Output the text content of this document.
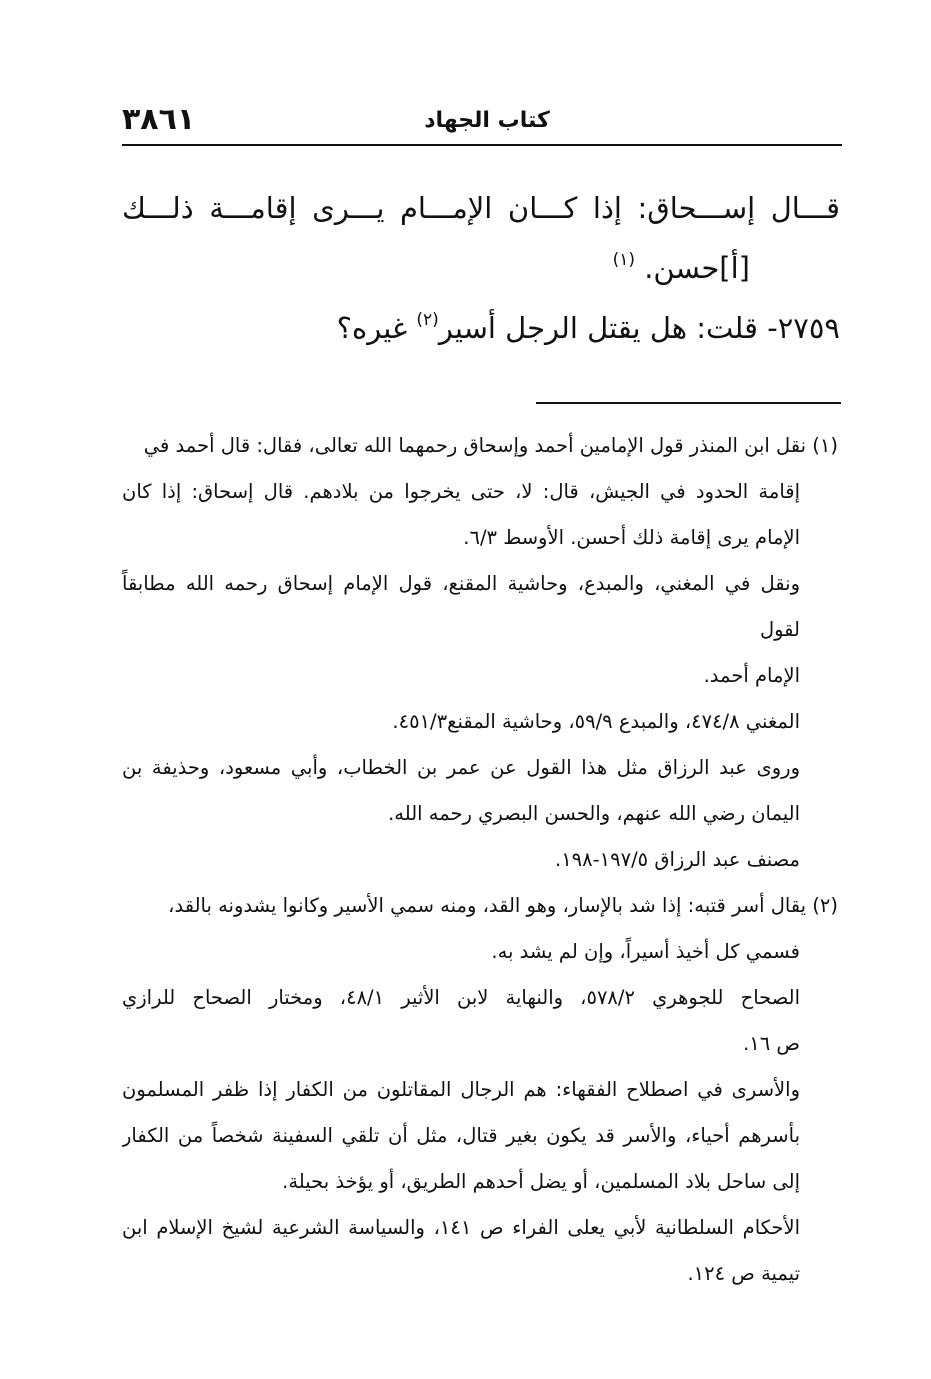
٣٨٦١	كتاب الجهاد

قـــال إســـحاق: إذا كـــان الإمـــام يـــرى إقامـــة ذلـــك

[أ]حسن. $^{(١)}$

٢٧٥٩- قلت: هل يقتل الرجل أسير$^{(٢)}$ غيره؟

(١) نقل ابن المنذر قول الإمامين أحمد وإسحاق رحمهما الله تعالى، فقال: قال أحمد في

إقامة الحدود في الجيش، قال: لا، حتى يخرجوا من بلادهم. قال إسحاق: إذا كان

الإمام يرى إقامة ذلك أحسن. الأوسط ٦/٣.

ونقل في المغني، والمبدع، وحاشية المقنع، قول الإمام إسحاق رحمه الله مطابقاً لقول

الإمام أحمد.

المغني ٤٧٤/٨، والمبدع ٥٩/٩، وحاشية المقنع٤٥١/٣.

وروى عبد الرزاق مثل هذا القول عن عمر بن الخطاب، وأبي مسعود، وحذيفة بن

اليمان رضي الله عنهم، والحسن البصري رحمه الله.

مصنف عبد الرزاق ١٩٧/٥-١٩٨.

(٢) يقال أسر قتبه: إذا شد بالإسار، وهو القد، ومنه سمي الأسير وكانوا يشدونه بالقد،

فسمي كل أخيذ أسيراً، وإن لم يشد به.

الصحاح للجوهري ٥٧٨/٢، والنهاية لابن الأثير ٤٨/١، ومختار الصحاح للرازي

ص ١٦.

والأسرى في اصطلاح الفقهاء: هم الرجال المقاتلون من الكفار إذا ظفر المسلمون

بأسرهم أحياء، والأسر قد يكون بغير قتال، مثل أن تلقي السفينة شخصاً من الكفار

إلى ساحل بلاد المسلمين، أو يضل أحدهم الطريق، أو يؤخذ بحيلة.

الأحكام السلطانية لأبي يعلى الفراء ص ١٤١، والسياسة الشرعية لشيخ الإسلام ابن

تيمية ص ١٢٤.
